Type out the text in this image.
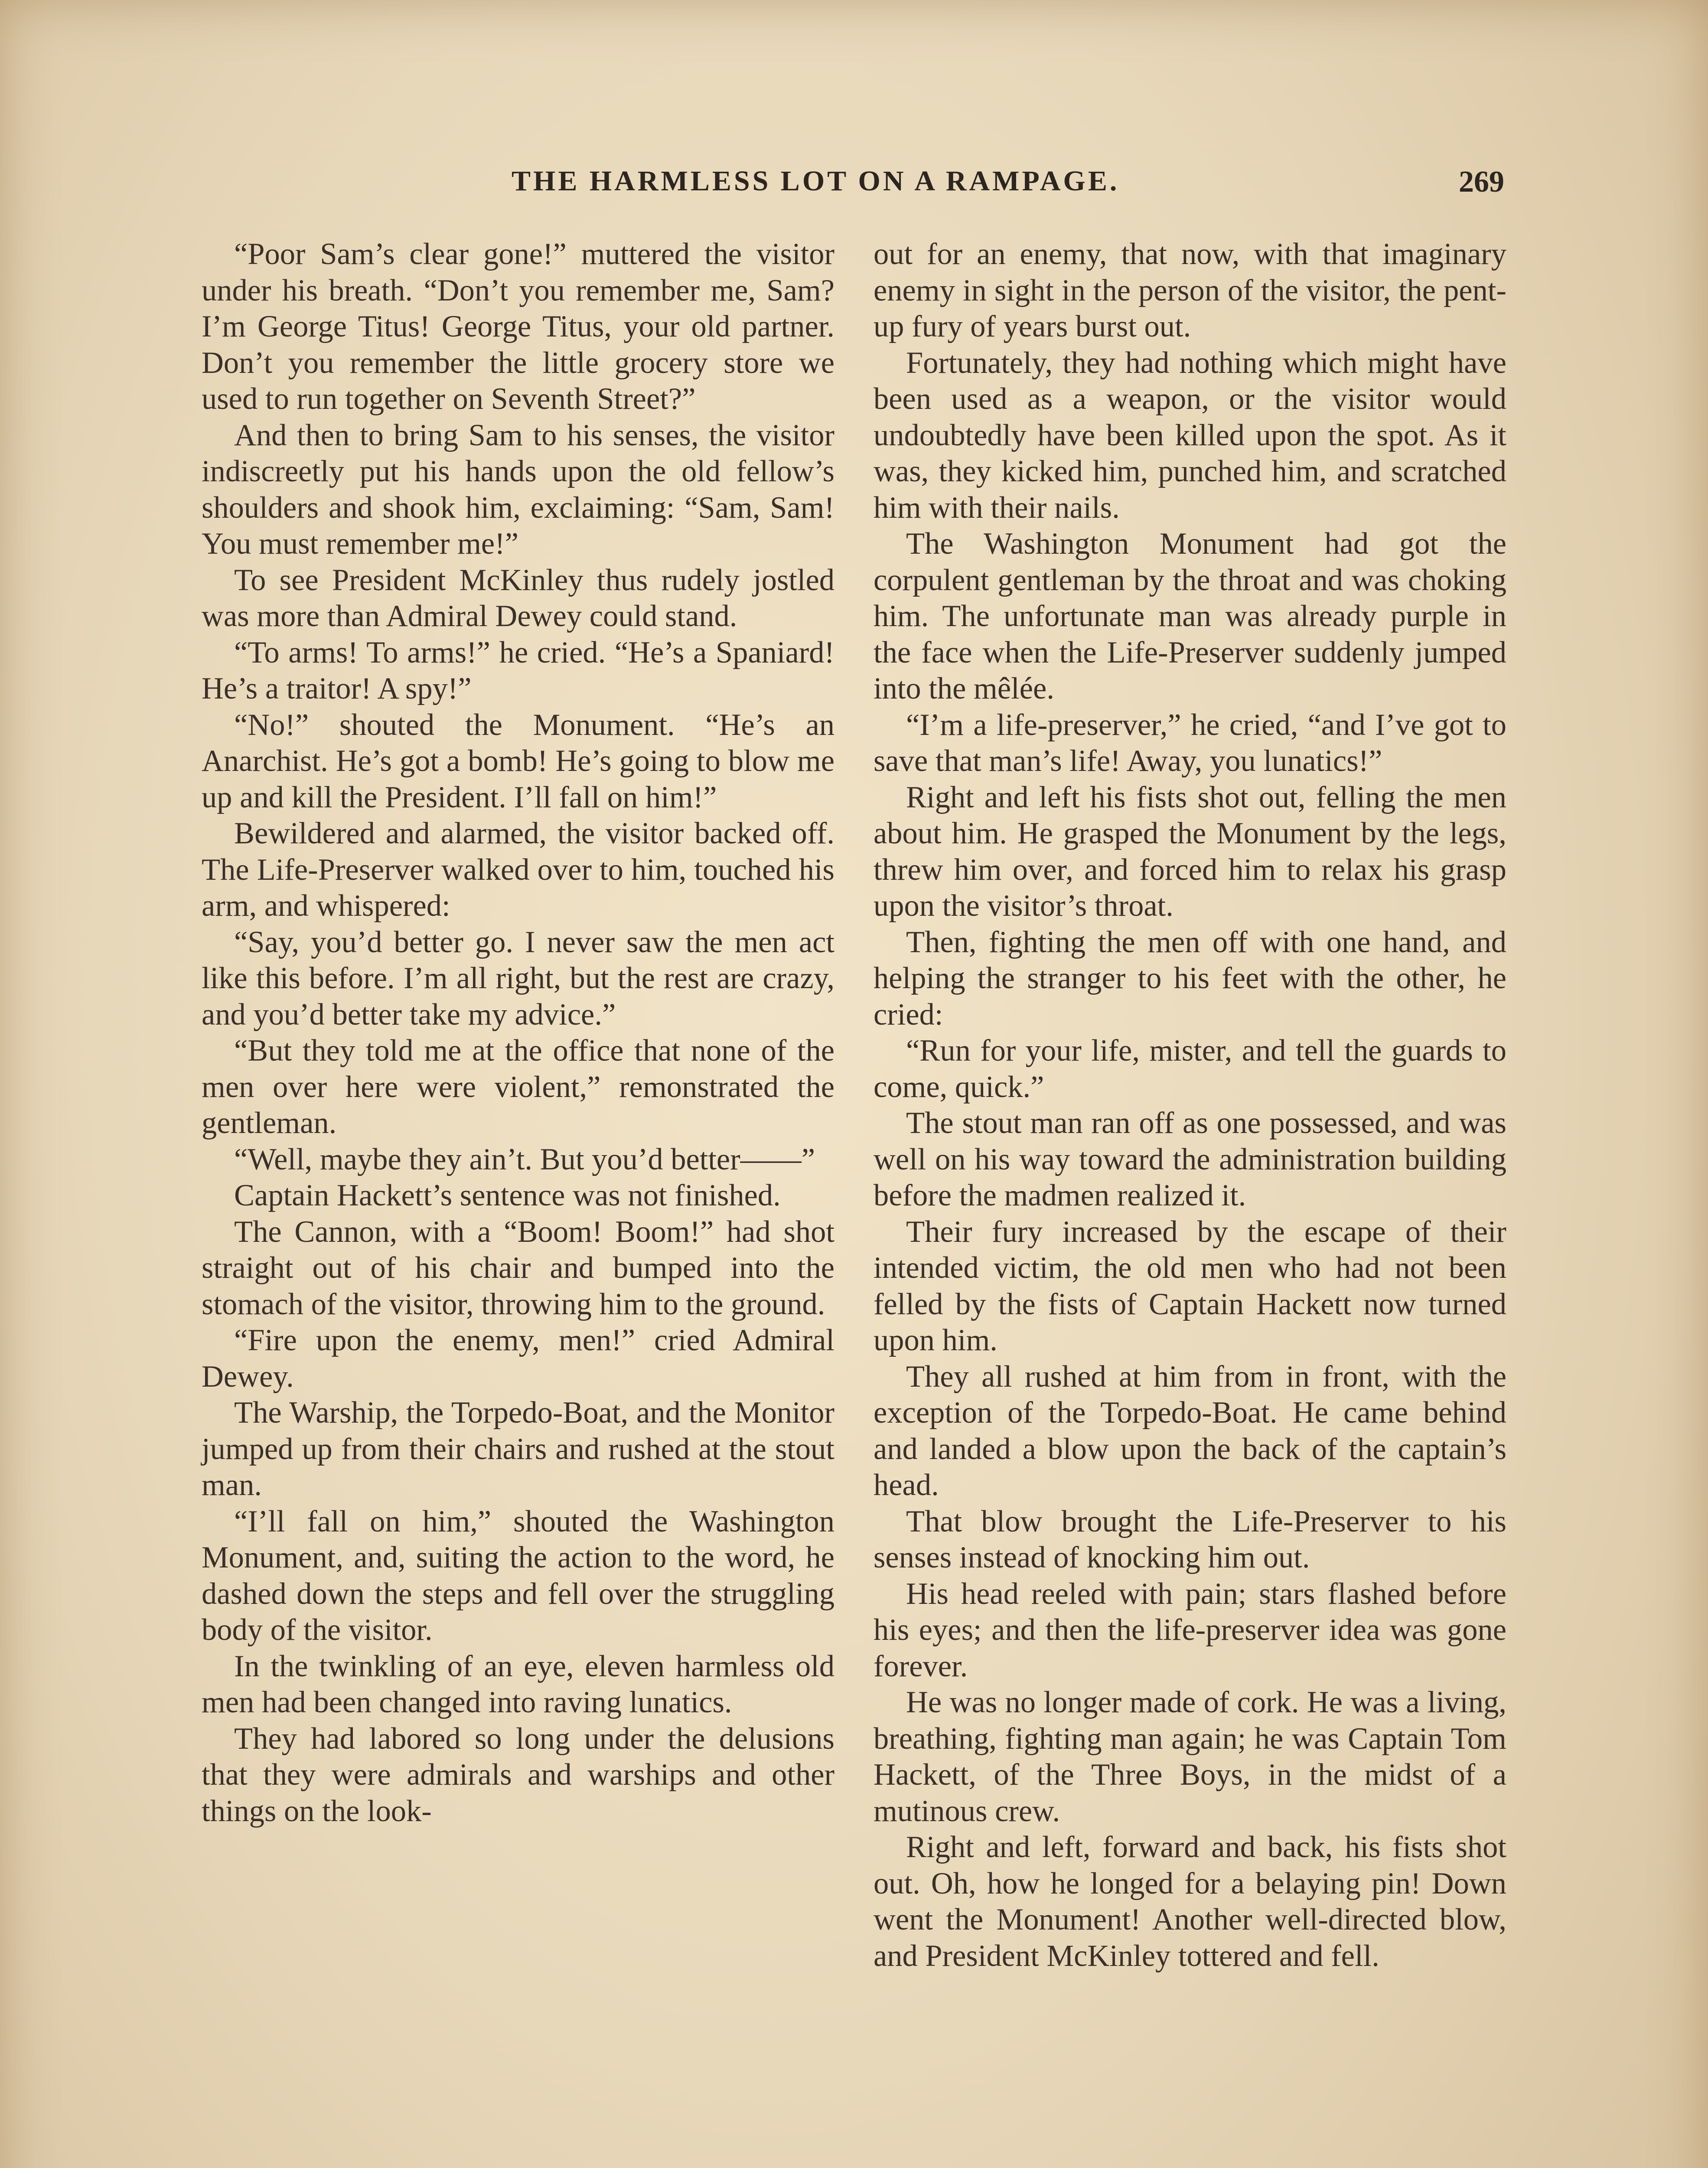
THE HARMLESS LOT ON A RAMPAGE.	269

“Poor Sam’s clear gone!” muttered the visitor under his breath. “Don’t you remember me, Sam? I’m George Titus! George Titus, your old partner. Don’t you remember the little grocery store we used to run together on Seventh Street?”

And then to bring Sam to his senses, the visitor indiscreetly put his hands upon the old fellow’s shoulders and shook him, exclaiming: “Sam, Sam! You must remember me!”

To see President McKinley thus rudely jostled was more than Admiral Dewey could stand.

“To arms! To arms!” he cried. “He’s a Spaniard! He’s a traitor! A spy!”

“No!” shouted the Monument. “He’s an Anarchist. He’s got a bomb! He’s going to blow me up and kill the President. I’ll fall on him!”

Bewildered and alarmed, the visitor backed off. The Life-Preserver walked over to him, touched his arm, and whispered:

“Say, you’d better go. I never saw the men act like this before. I’m all right, but the rest are crazy, and you’d better take my advice.”

“But they told me at the office that none of the men over here were violent,” remonstrated the gentleman.

“Well, maybe they ain’t. But you’d better——”

Captain Hackett’s sentence was not finished.

The Cannon, with a “Boom! Boom!” had shot straight out of his chair and bumped into the stomach of the visitor, throwing him to the ground.

“Fire upon the enemy, men!” cried Admiral Dewey.

The Warship, the Torpedo-Boat, and the Monitor jumped up from their chairs and rushed at the stout man.

“I’ll fall on him,” shouted the Washington Monument, and, suiting the action to the word, he dashed down the steps and fell over the struggling body of the visitor.

In the twinkling of an eye, eleven harmless old men had been changed into raving lunatics.

They had labored so long under the delusions that they were admirals and warships and other things on the look-

out for an enemy, that now, with that imaginary enemy in sight in the person of the visitor, the pent-up fury of years burst out.

Fortunately, they had nothing which might have been used as a weapon, or the visitor would undoubtedly have been killed upon the spot. As it was, they kicked him, punched him, and scratched him with their nails.

The Washington Monument had got the corpulent gentleman by the throat and was choking him. The unfortunate man was already purple in the face when the Life-Preserver suddenly jumped into the mêlée.

“I’m a life-preserver,” he cried, “and I’ve got to save that man’s life! Away, you lunatics!”

Right and left his fists shot out, felling the men about him. He grasped the Monument by the legs, threw him over, and forced him to relax his grasp upon the visitor’s throat.

Then, fighting the men off with one hand, and helping the stranger to his feet with the other, he cried:

“Run for your life, mister, and tell the guards to come, quick.”

The stout man ran off as one possessed, and was well on his way toward the administration building before the madmen realized it.

Their fury increased by the escape of their intended victim, the old men who had not been felled by the fists of Captain Hackett now turned upon him.

They all rushed at him from in front, with the exception of the Torpedo-Boat. He came behind and landed a blow upon the back of the captain’s head.

That blow brought the Life-Preserver to his senses instead of knocking him out.

His head reeled with pain; stars flashed before his eyes; and then the life-preserver idea was gone forever.

He was no longer made of cork. He was a living, breathing, fighting man again; he was Captain Tom Hackett, of the Three Boys, in the midst of a mutinous crew.

Right and left, forward and back, his fists shot out. Oh, how he longed for a belaying pin! Down went the Monument! Another well-directed blow, and President McKinley tottered and fell.
